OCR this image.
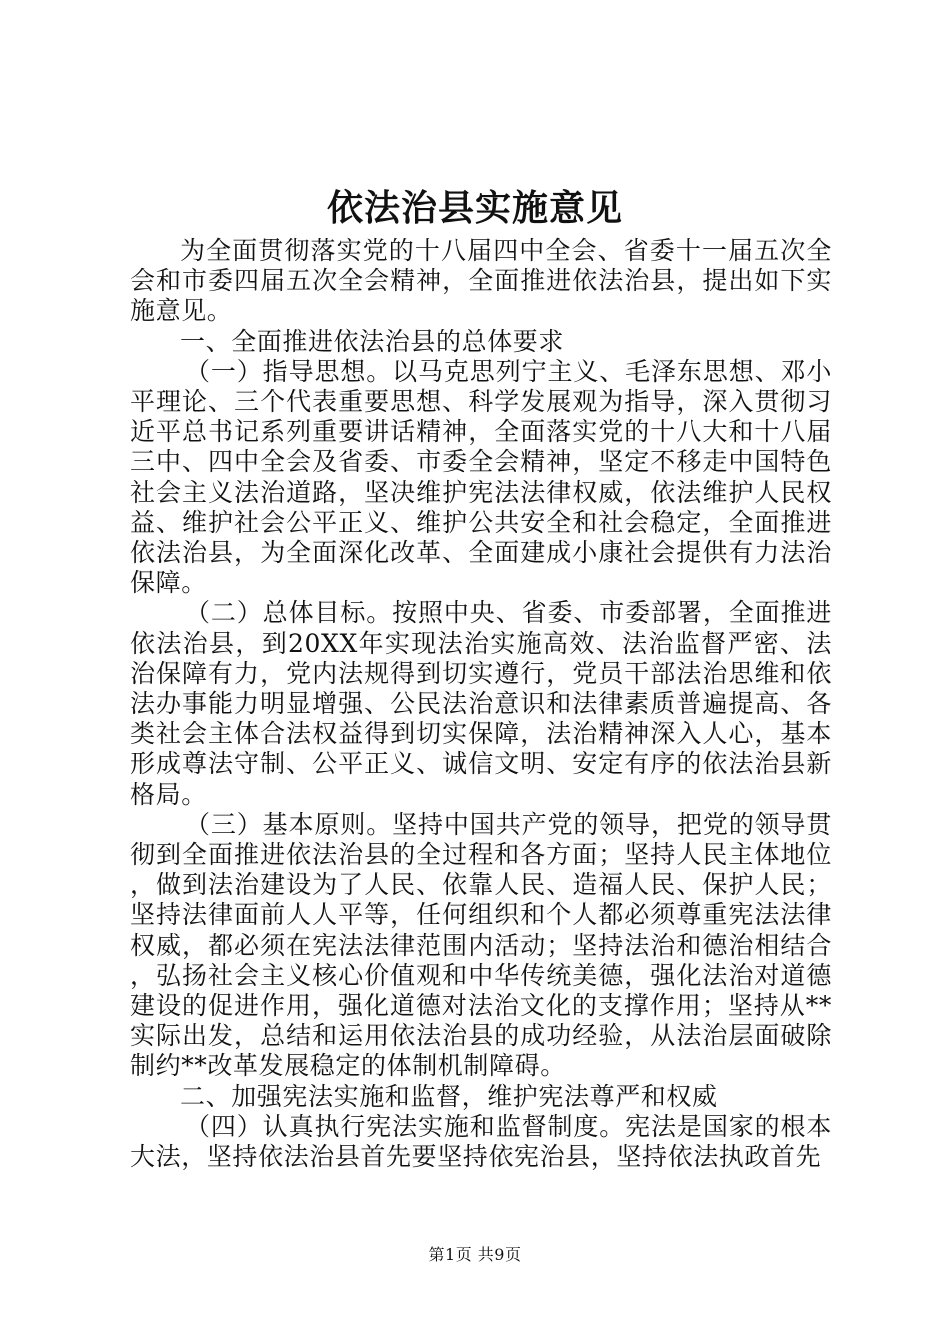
依法治县实施意见

为全面贯彻落实党的十八届四中全会、省委十一届五次全会和市委四届五次全会精神，全面推进依法治县，提出如下实施意见。

一、全面推进依法治县的总体要求

（一）指导思想。以马克思列宁主义、毛泽东思想、邓小平理论、三个代表重要思想、科学发展观为指导，深入贯彻习近平总书记系列重要讲话精神，全面落实党的十八大和十八届三中、四中全会及省委、市委全会精神，坚定不移走中国特色社会主义法治道路，坚决维护宪法法律权威，依法维护人民权益、维护社会公平正义、维护公共安全和社会稳定，全面推进依法治县，为全面深化改革、全面建成小康社会提供有力法治保障。

（二）总体目标。按照中央、省委、市委部署，全面推进依法治县，到20XX年实现法治实施高效、法治监督严密、法治保障有力，党内法规得到切实遵行，党员干部法治思维和依法办事能力明显增强、公民法治意识和法律素质普遍提高、各类社会主体合法权益得到切实保障，法治精神深入人心，基本形成尊法守制、公平正义、诚信文明、安定有序的依法治县新格局。

（三）基本原则。坚持中国共产党的领导，把党的领导贯彻到全面推进依法治县的全过程和各方面；坚持人民主体地位，做到法治建设为了人民、依靠人民、造福人民、保护人民；坚持法律面前人人平等，任何组织和个人都必须尊重宪法法律权威，都必须在宪法法律范围内活动；坚持法治和德治相结合，弘扬社会主义核心价值观和中华传统美德，强化法治对道德建设的促进作用，强化道德对法治文化的支撑作用；坚持从**实际出发，总结和运用依法治县的成功经验，从法治层面破除制约**改革发展稳定的体制机制障碍。

二、加强宪法实施和监督，维护宪法尊严和权威

（四）认真执行宪法实施和监督制度。宪法是国家的根本大法，坚持依法治县首先要坚持依宪治县，坚持依法执政首先

第1页 共9页
